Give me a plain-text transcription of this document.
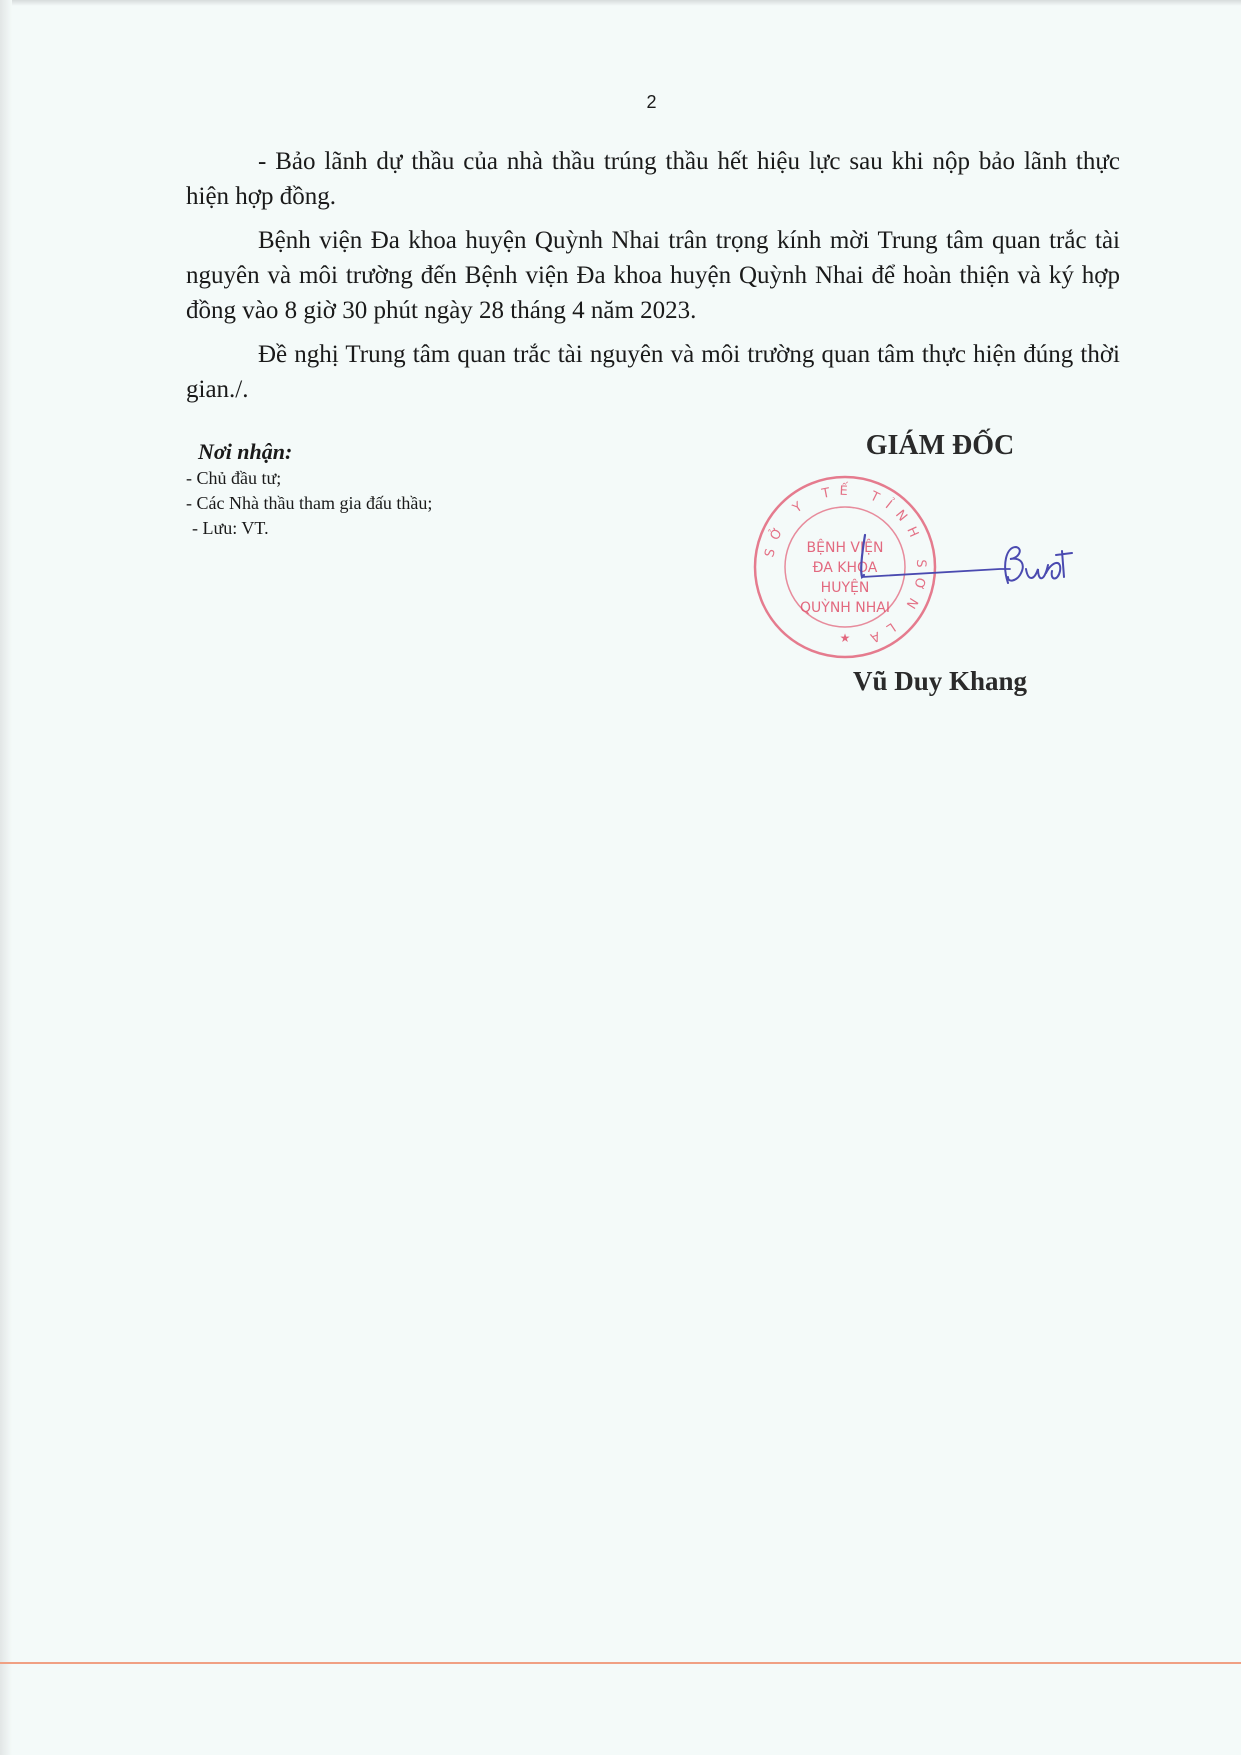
2

- Bảo lãnh dự thầu của nhà thầu trúng thầu hết hiệu lực sau khi nộp bảo lãnh thực hiện hợp đồng.

Bệnh viện Đa khoa huyện Quỳnh Nhai trân trọng kính mời Trung tâm quan trắc tài nguyên và môi trường đến Bệnh viện Đa khoa huyện Quỳnh Nhai để hoàn thiện và ký hợp đồng vào 8 giờ 30 phút ngày 28 tháng 4 năm 2023.

Đề nghị Trung tâm quan trắc tài nguyên và môi trường quan tâm thực hiện đúng thời gian./.

Nơi nhận:
- Chủ đầu tư;
- Các Nhà thầu tham gia đấu thầu;
- Lưu: VT.
GIÁM ĐỐC
SỞ Y TẾ TỈNH SƠN LA
BỆNH VIỆN
ĐA KHOA
HUYỆN
QUỲNH NHAI
★
Vũ Duy Khang
